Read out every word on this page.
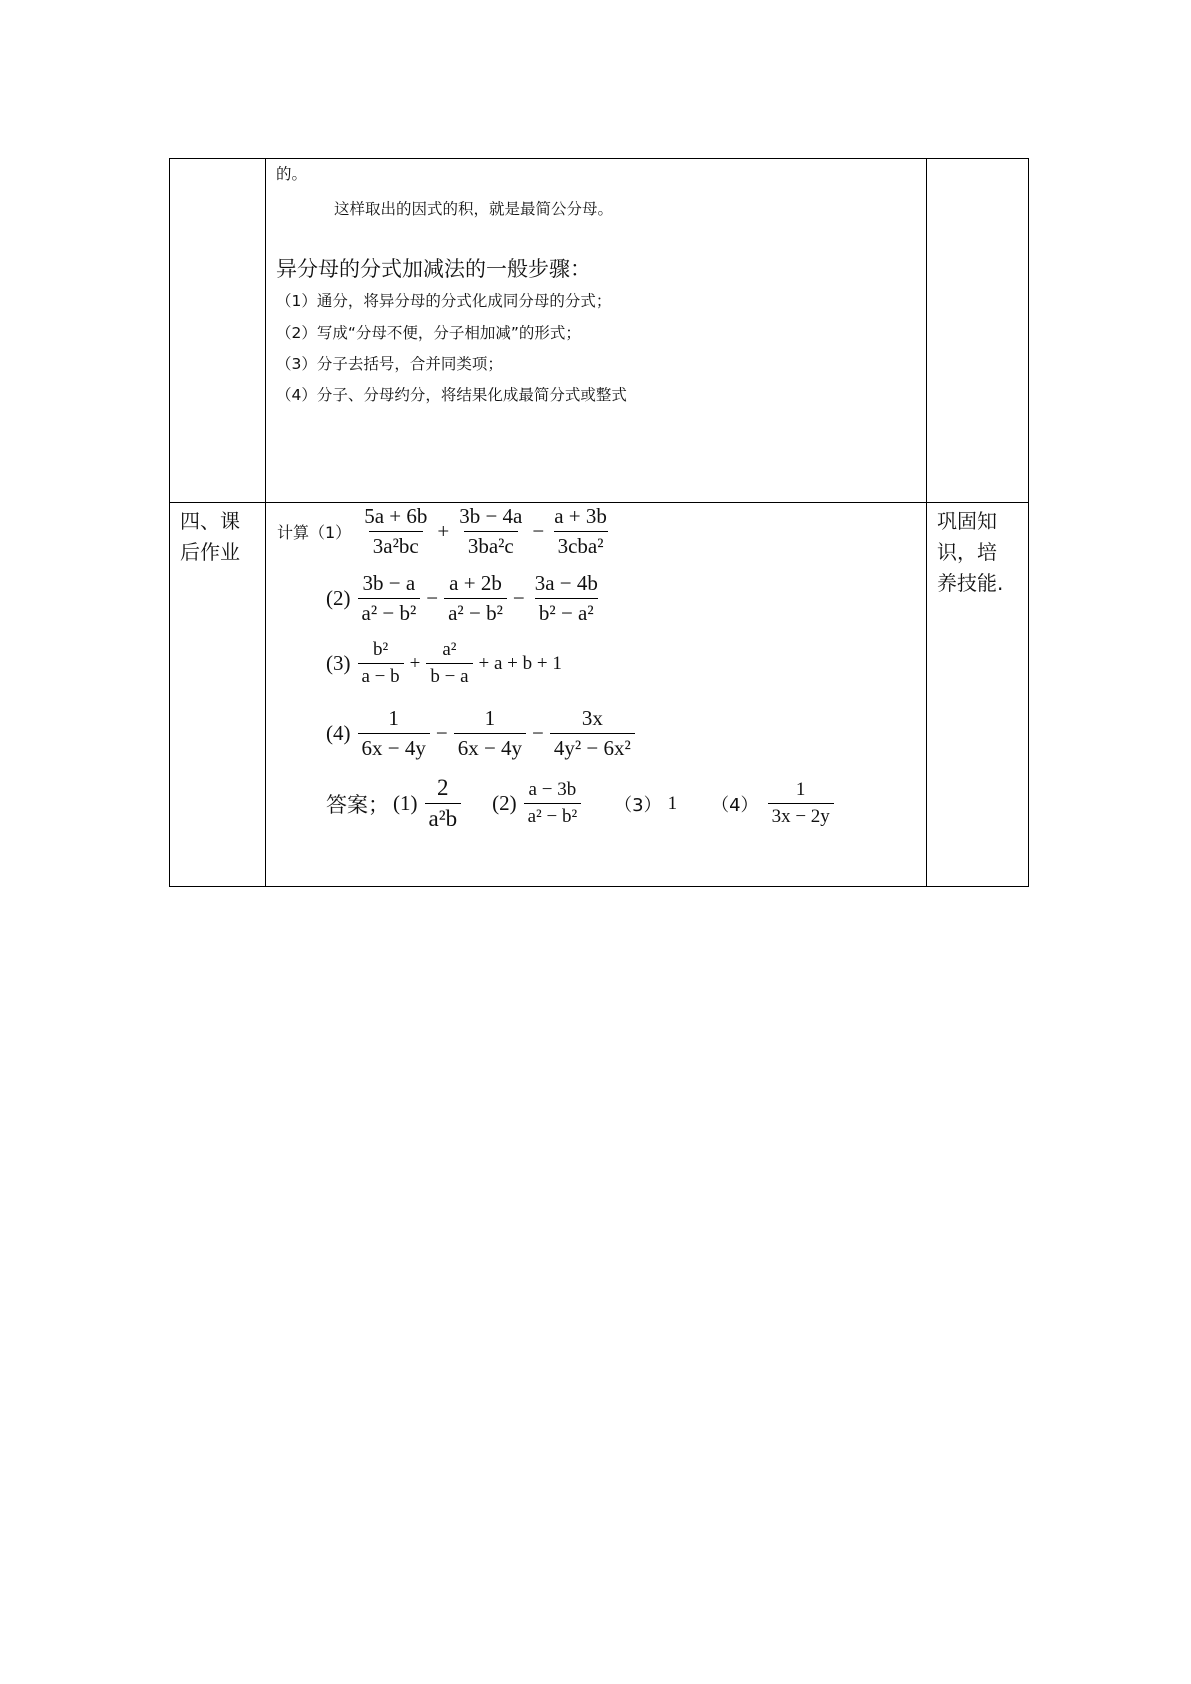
的。
这样取出的因式的积，就是最简公分母。
异分母的分式加减法的一般步骤：
（1）通分，将异分母的分式化成同分母的分式；
（2）写成“分母不便，分子相加减”的形式；
（3）分子去括号，合并同类项；
（4）分子、分母约分，将结果化成最简分式或整式
四、课
后作业
巩固知
识，培
养技能.
计算$(1) \frac{5a + 6b}{\text{3a²bc}} + \frac{3b - 4a}{\text{3ba²c}} - \frac{a + 3b}{\text{3cba²}}$
$(2) \frac{3b - a}{\text{a² − b²}} - \frac{a + 2b}{\text{a² − b²}} - \frac{3a - 4b}{\text{b² − a²}}$
$(3) \frac{\text{b²}}{a - b} + \frac{\text{a²}}{b - a} + a + b + 1$
$(4) \frac{1}{6x - 4y} - \frac{1}{6x - 4y} - \frac{3x}{\text{4y² − 6x²}}$
答案； $(1) \frac{2}{\text{a²b}} (2) \frac{a - 3b}{\text{a² − b²}} (3)$ 1 $(4) \frac{1}{3x - 2y}$
